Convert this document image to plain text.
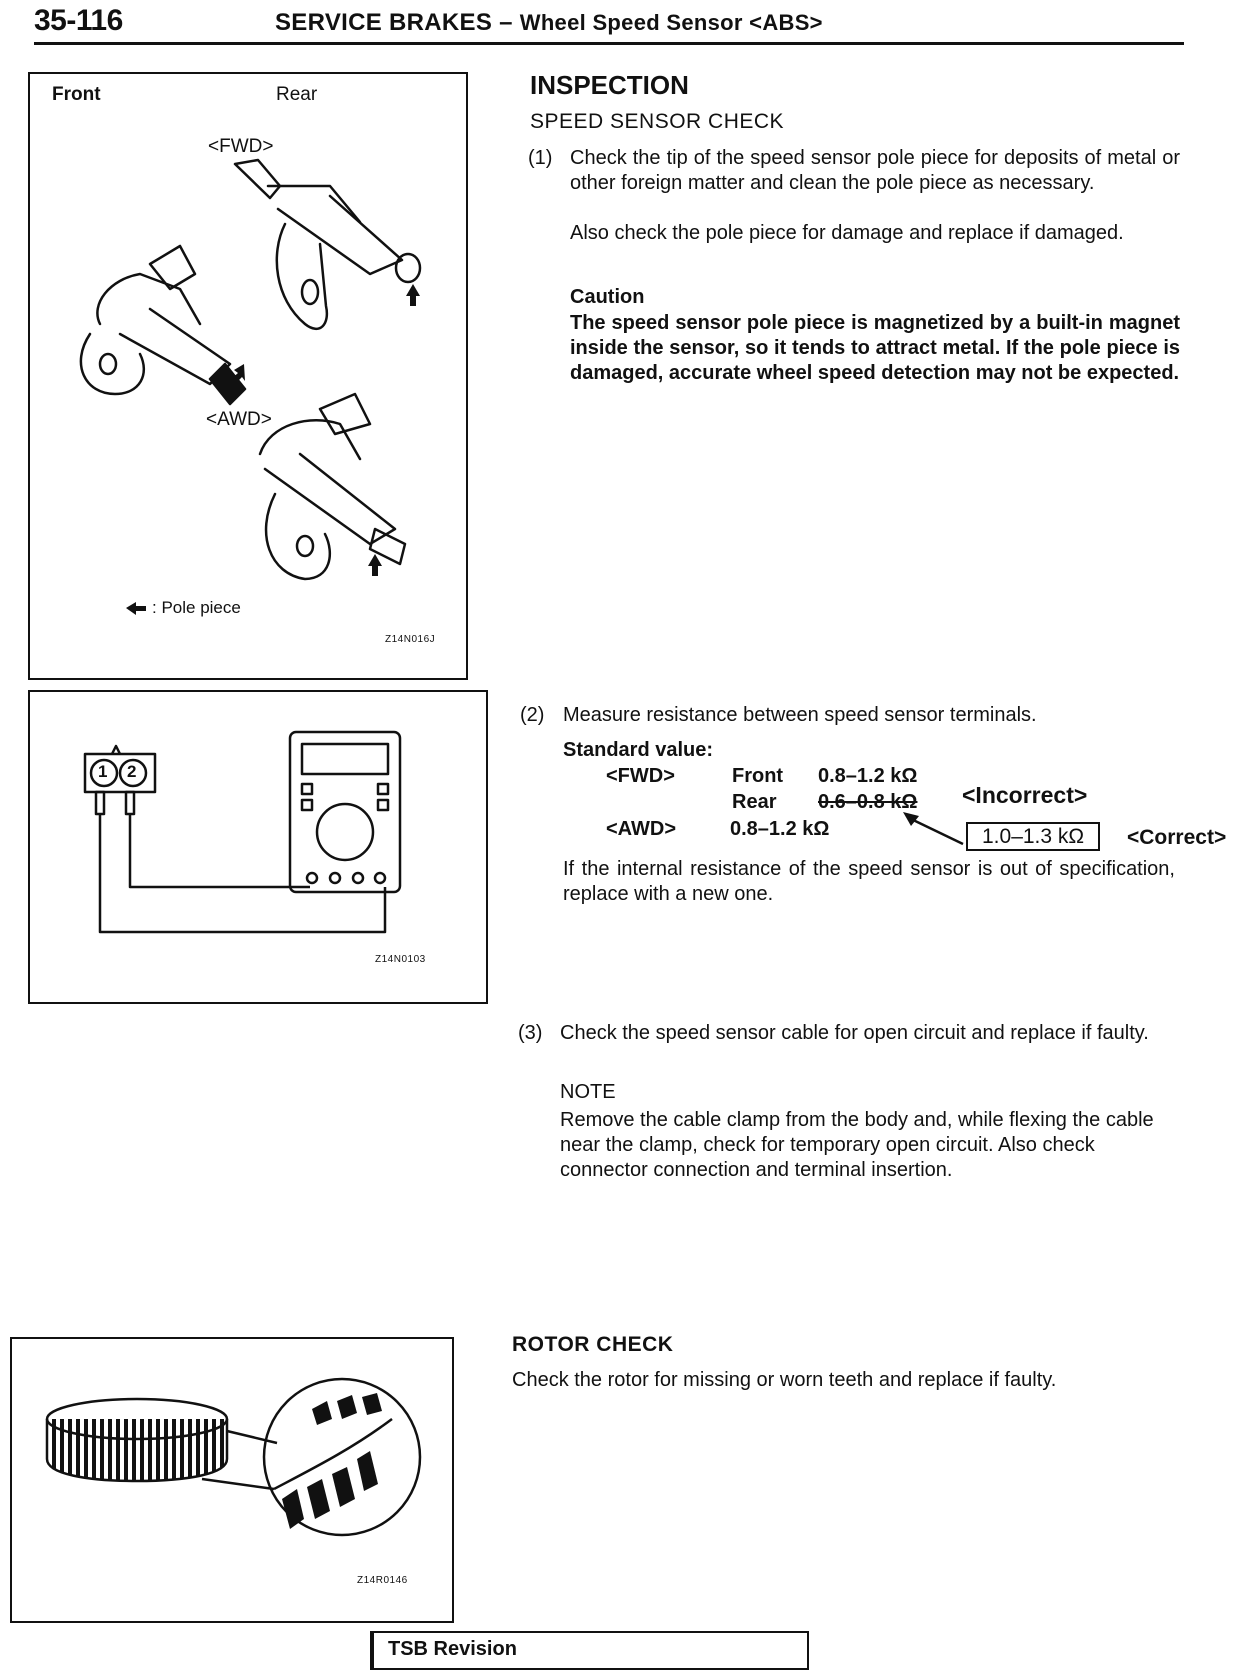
35-116	SERVICE BRAKES – Wheel Speed Sensor <ABS>
Front	Rear
<FWD>
<AWD>
: Pole piece
Z14N016J
1 2
Z14N0103
Z14R0146
INSPECTION
SPEED SENSOR CHECK
(1) Check the tip of the speed sensor pole piece for deposits of metal or other foreign matter and clean the pole piece as necessary.
Also check the pole piece for damage and replace if damaged.
Caution
The speed sensor pole piece is magnetized by a built-in magnet inside the sensor, so it tends to attract metal. If the pole piece is damaged, accurate wheel speed detection may not be expected.
(2) Measure resistance between speed sensor terminals.
Standard value:
<FWD>	Front 0.8–1.2 kΩ
Rear 0.6–0.8 kΩ <Incorrect>
<AWD>	0.8–1.2 kΩ	1.0–1.3 kΩ	<Correct>
If the internal resistance of the speed sensor is out of specification, replace with a new one.
(3) Check the speed sensor cable for open circuit and replace if faulty.
NOTE
Remove the cable clamp from the body and, while flexing the cable near the clamp, check for temporary open circuit. Also check connector connection and terminal insertion.
ROTOR CHECK
Check the rotor for missing or worn teeth and replace if faulty.
TSB Revision
